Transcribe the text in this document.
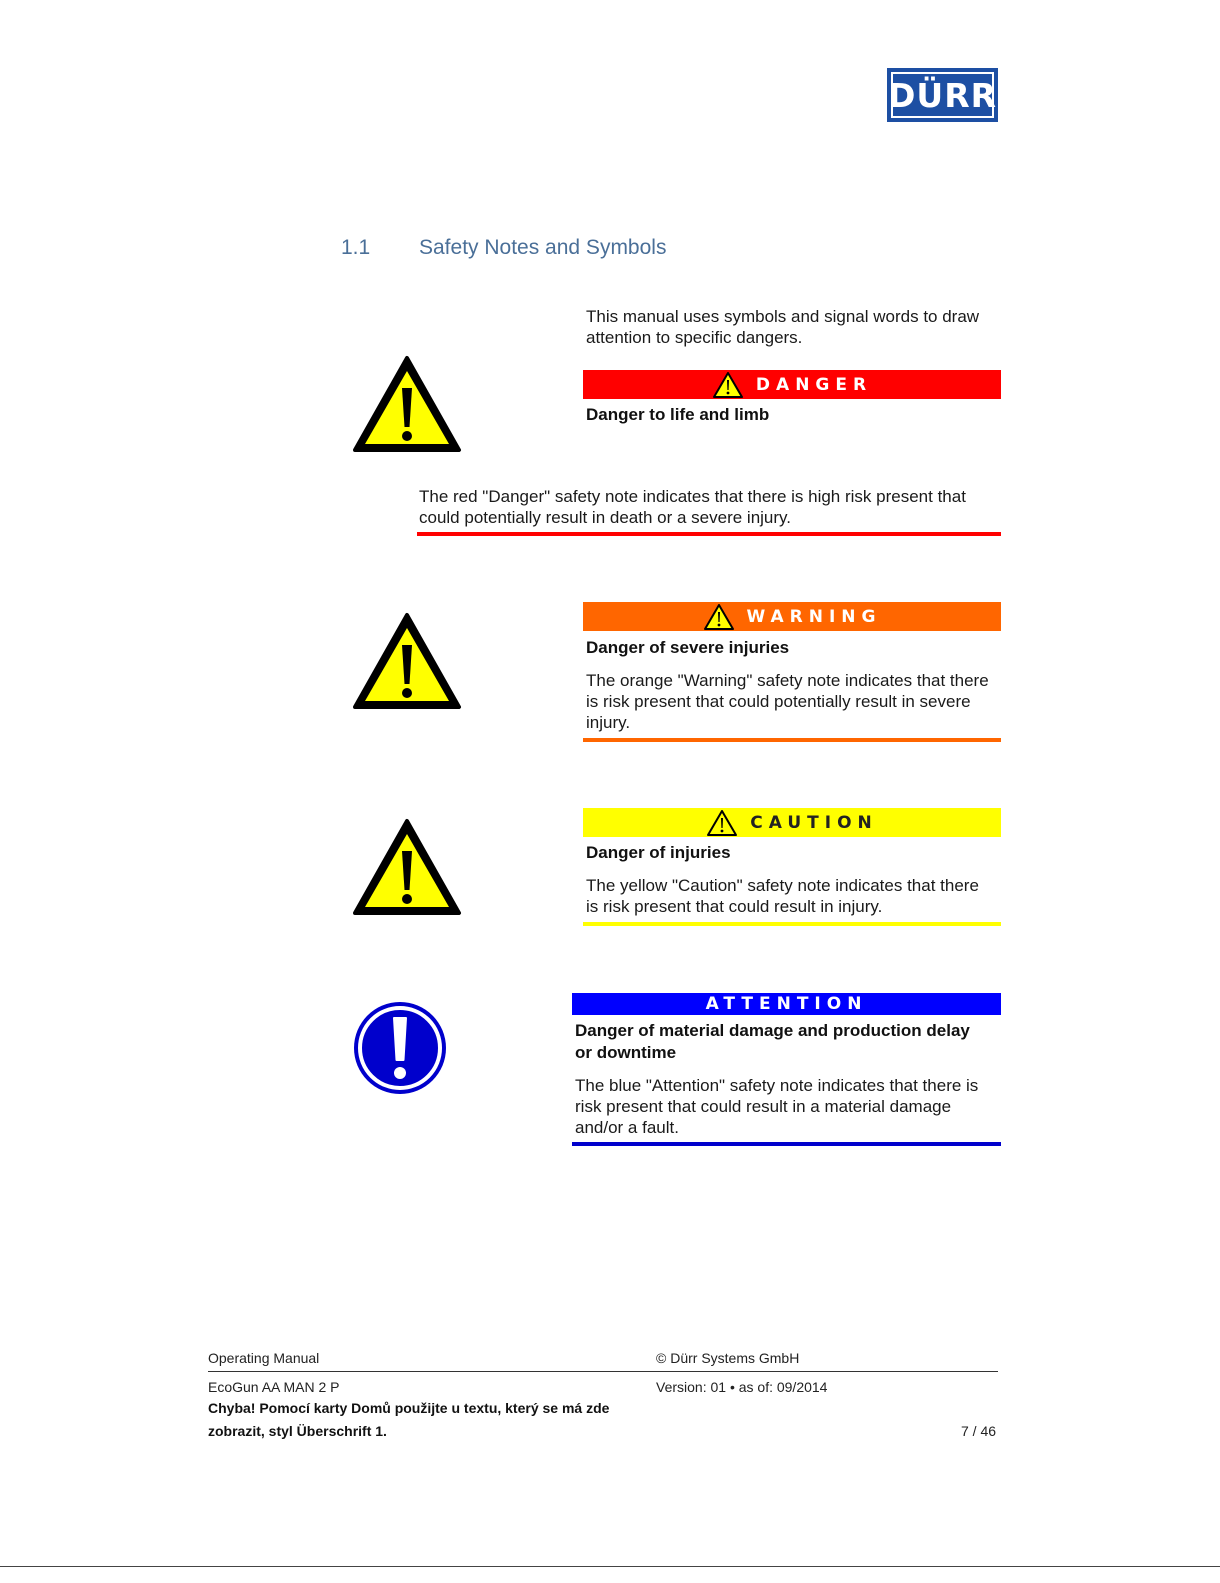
DÜRR
1.1 Safety Notes and Symbols
This manual uses symbols and signal words to draw attention to specific dangers.
DANGER
Danger to life and limb
The red "Danger" safety note indicates that there is high risk present that could potentially result in death or a severe injury.
WARNING
Danger of severe injuries
The orange "Warning" safety note indicates that there is risk present that could potentially result in severe injury.
CAUTION
Danger of injuries
The yellow "Caution" safety note indicates that there is risk present that could result in injury.
ATTENTION
Danger of material damage and production delay or downtime
The blue "Attention" safety note indicates that there is risk present that could result in a material damage and/or a fault.
Operating Manual	© Dürr Systems GmbH
EcoGun AA MAN 2 P	Version: 01 • as of: 09/2014
Chyba! Pomocí karty Domů použijte u textu, který se má zde
zobrazit, styl Überschrift 1.	7 / 46
